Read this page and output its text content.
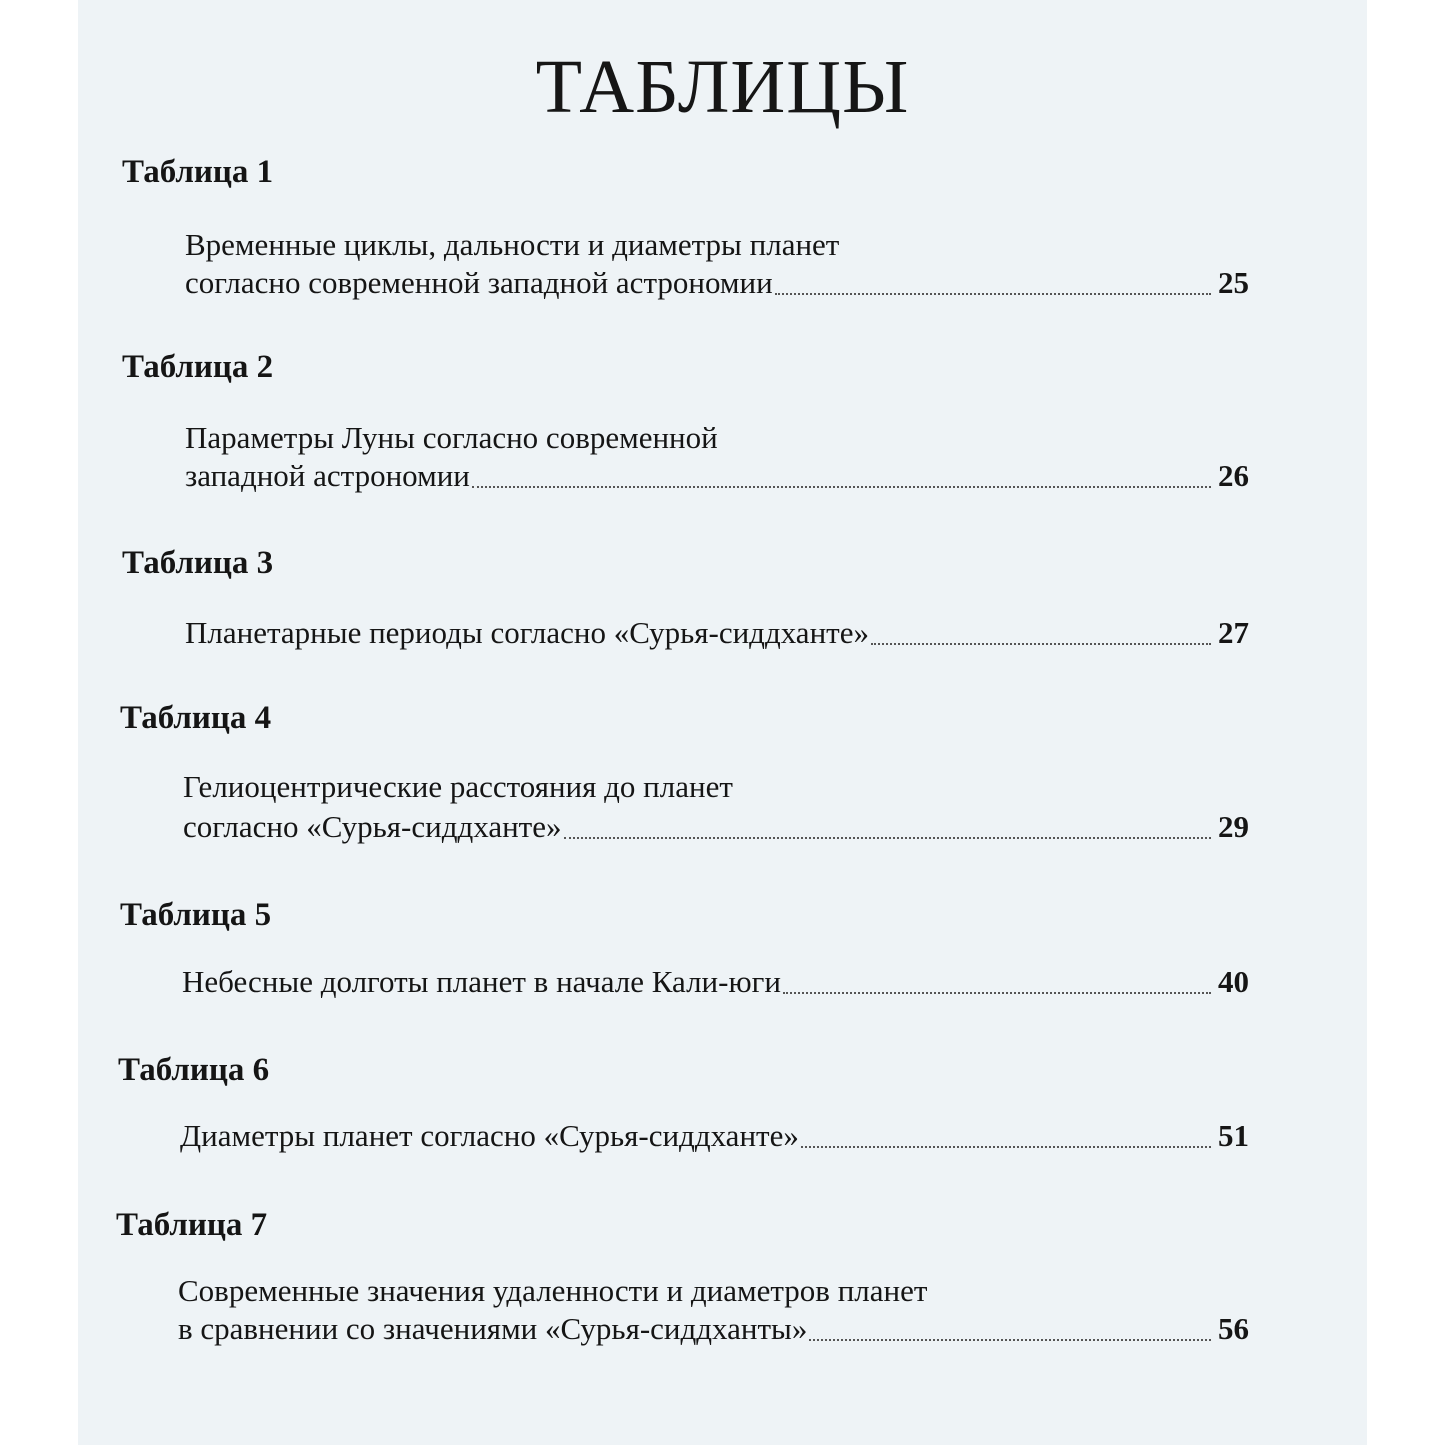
ТАБЛИЦЫ
Таблица 1
Временные циклы, дальности и диаметры планет
согласно современной западной астрономии	25
Таблица 2
Параметры Луны согласно современной
западной астрономии	26
Таблица 3
Планетарные периоды согласно «Сурья-сиддханте»	27
Таблица 4
Гелиоцентрические расстояния до планет
согласно «Сурья-сиддханте»	29
Таблица 5
Небесные долготы планет в начале Кали-юги	40
Таблица 6
Диаметры планет согласно «Сурья-сиддханте»	51
Таблица 7
Современные значения удаленности и диаметров планет
в сравнении со значениями «Сурья-сиддханты»	56
